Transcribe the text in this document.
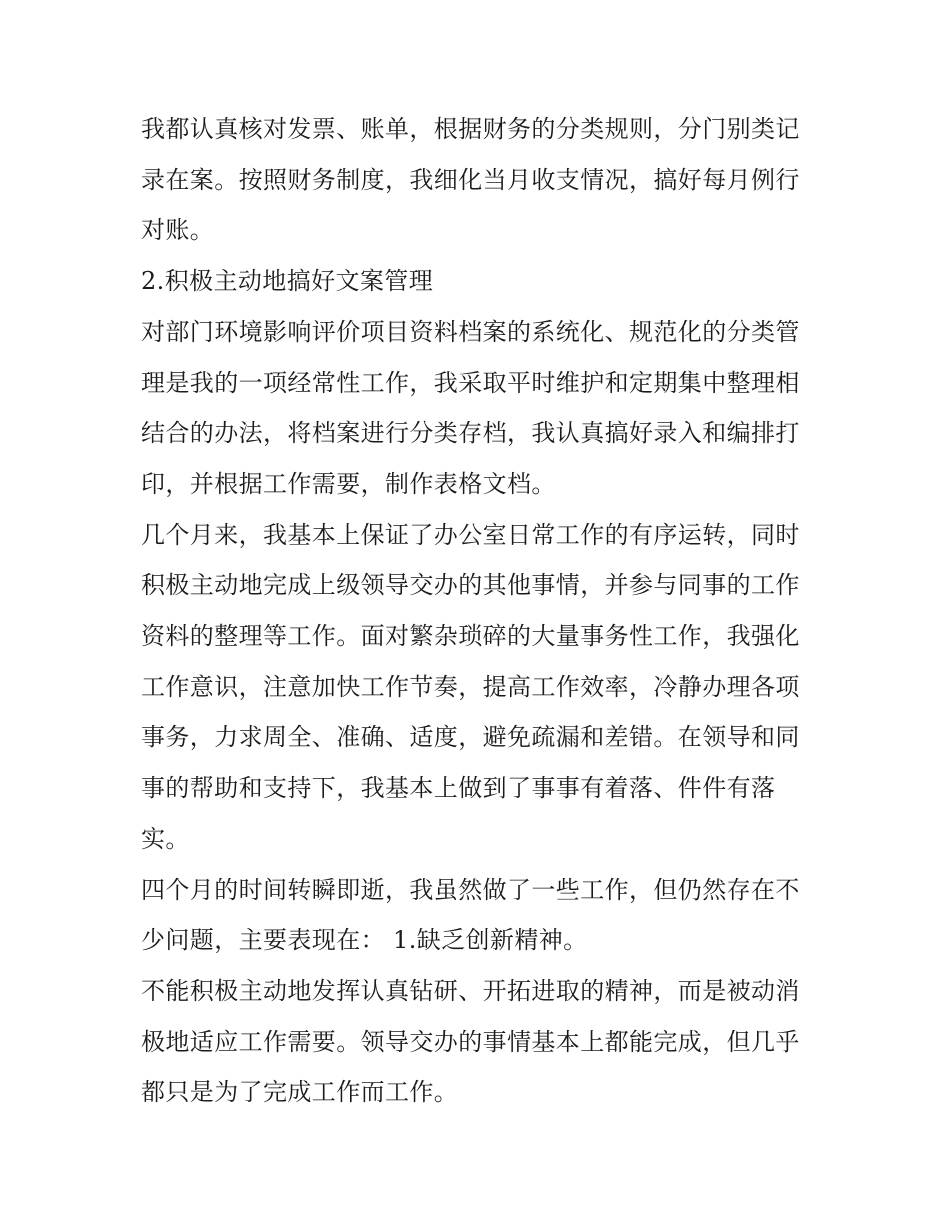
我都认真核对发票、账单，根据财务的分类规则，分门别类记
录在案。按照财务制度，我细化当月收支情况，搞好每月例行
对账。
2.积极主动地搞好文案管理
对部门环境影响评价项目资料档案的系统化、规范化的分类管
理是我的一项经常性工作，我采取平时维护和定期集中整理相
结合的办法，将档案进行分类存档，我认真搞好录入和编排打
印，并根据工作需要，制作表格文档。
几个月来，我基本上保证了办公室日常工作的有序运转，同时
积极主动地完成上级领导交办的其他事情，并参与同事的工作
资料的整理等工作。面对繁杂琐碎的大量事务性工作，我强化
工作意识，注意加快工作节奏，提高工作效率，冷静办理各项
事务，力求周全、准确、适度，避免疏漏和差错。在领导和同
事的帮助和支持下，我基本上做到了事事有着落、件件有落
实。
四个月的时间转瞬即逝，我虽然做了一些工作，但仍然存在不
少问题，主要表现在： 1.缺乏创新精神。
不能积极主动地发挥认真钻研、开拓进取的精神，而是被动消
极地适应工作需要。领导交办的事情基本上都能完成，但几乎
都只是为了完成工作而工作。
